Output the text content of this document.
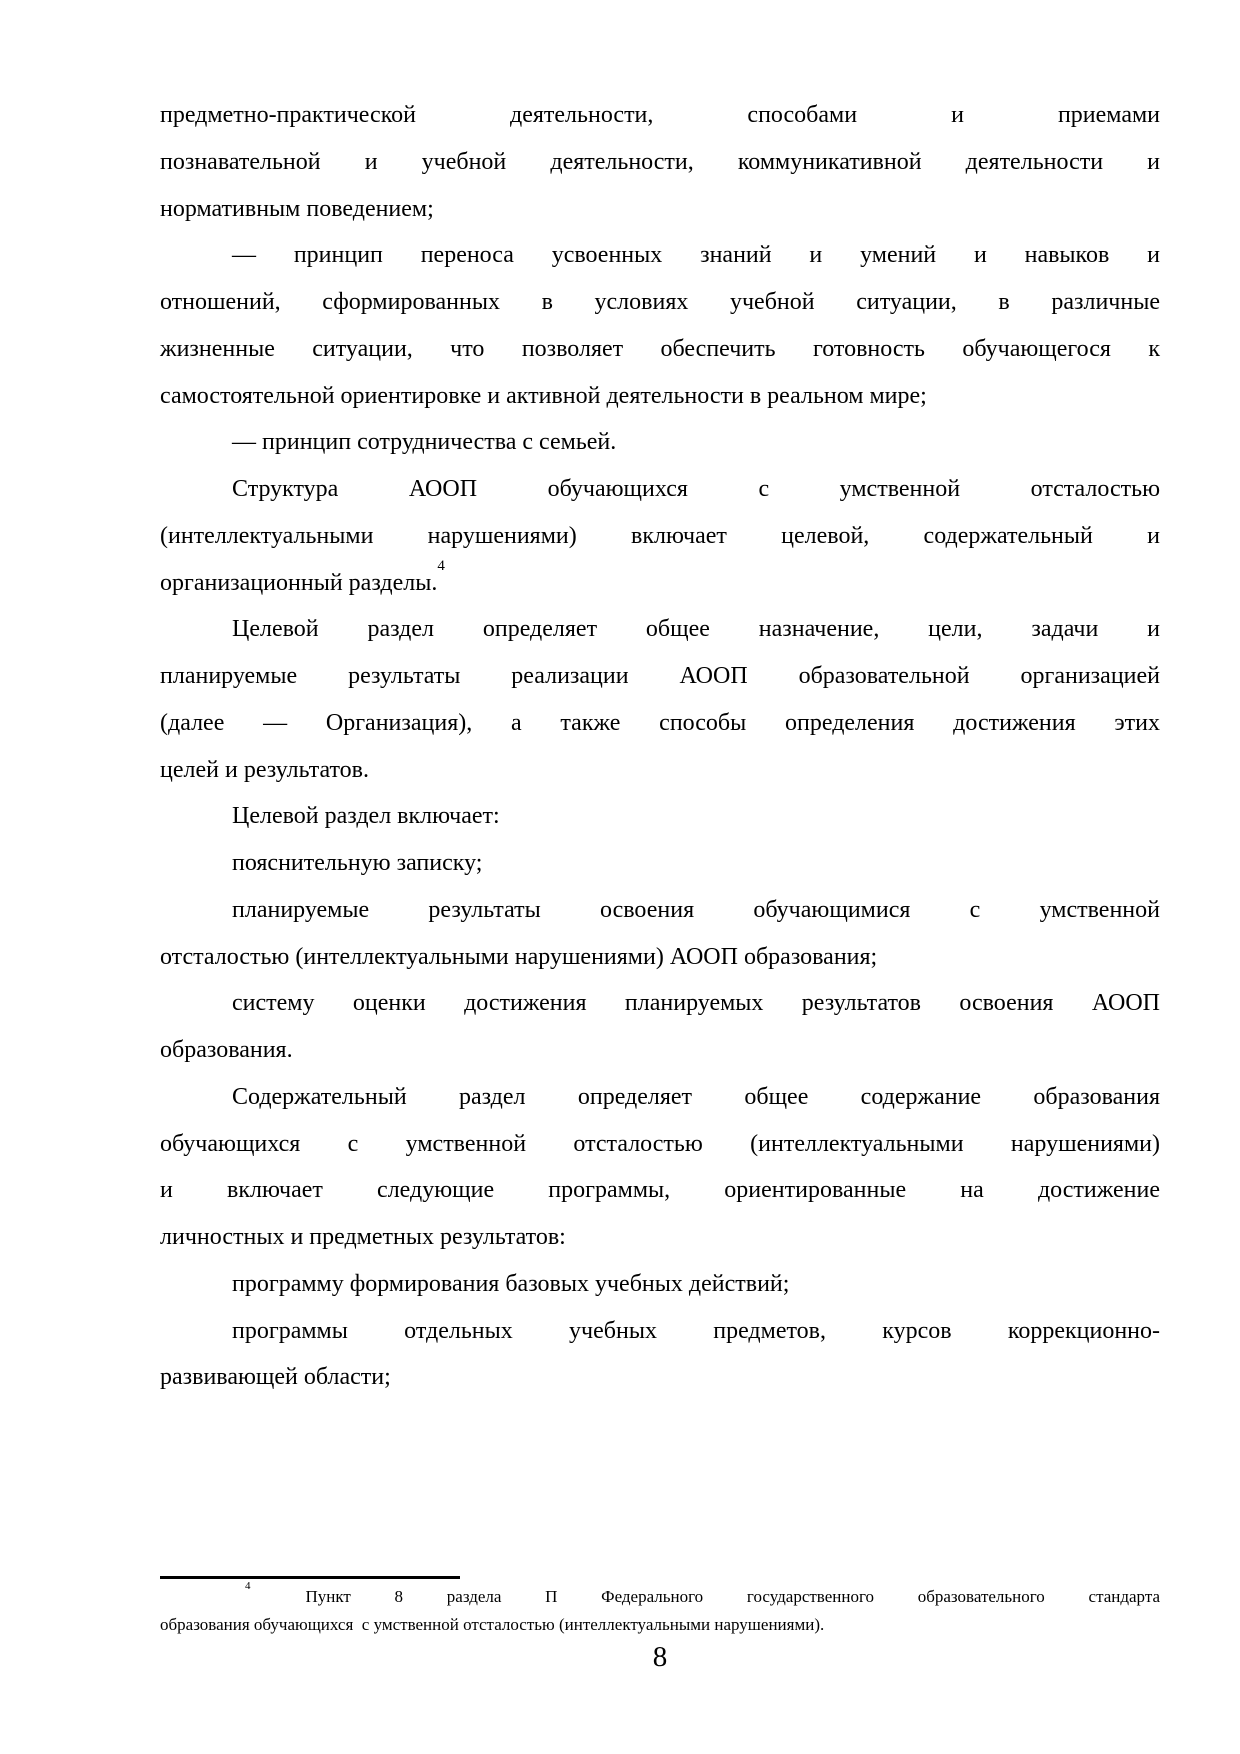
предметно-практической деятельности, способами и приемами
познавательной и учебной деятельности, коммуникативной деятельности и
нормативным поведением;
— принцип переноса усвоенных знаний и умений и навыков и
отношений, сформированных в условиях учебной ситуации, в различные
жизненные ситуации, что позволяет обеспечить готовность обучающегося к
самостоятельной ориентировке и активной деятельности в реальном мире;
— принцип сотрудничества с семьей.
Структура АООП обучающихся с умственной отсталостью
(интеллектуальными нарушениями) включает целевой, содержательный и
организационный разделы.$^4$
Целевой раздел определяет общее назначение, цели, задачи и
планируемые результаты реализации АООП образовательной организацией
(далее — Организация), а также способы определения достижения этих
целей и результатов.
Целевой раздел включает:
пояснительную записку;
планируемые результаты освоения обучающимися с умственной
отсталостью (интеллектуальными нарушениями) АООП образования;
систему оценки достижения планируемых результатов освоения АООП
образования.
Содержательный раздел определяет общее содержание образования
обучающихся с умственной отсталостью (интеллектуальными нарушениями)
и включает следующие программы, ориентированные на достижение
личностных и предметных результатов:
программу формирования базовых учебных действий;
программы отдельных учебных предметов, курсов коррекционно-
развивающей области;
$^4$Пункт 8 раздела П Федерального государственного образовательного стандарта
образования обучающихся  с умственной отсталостью (интеллектуальными нарушениями).
8
